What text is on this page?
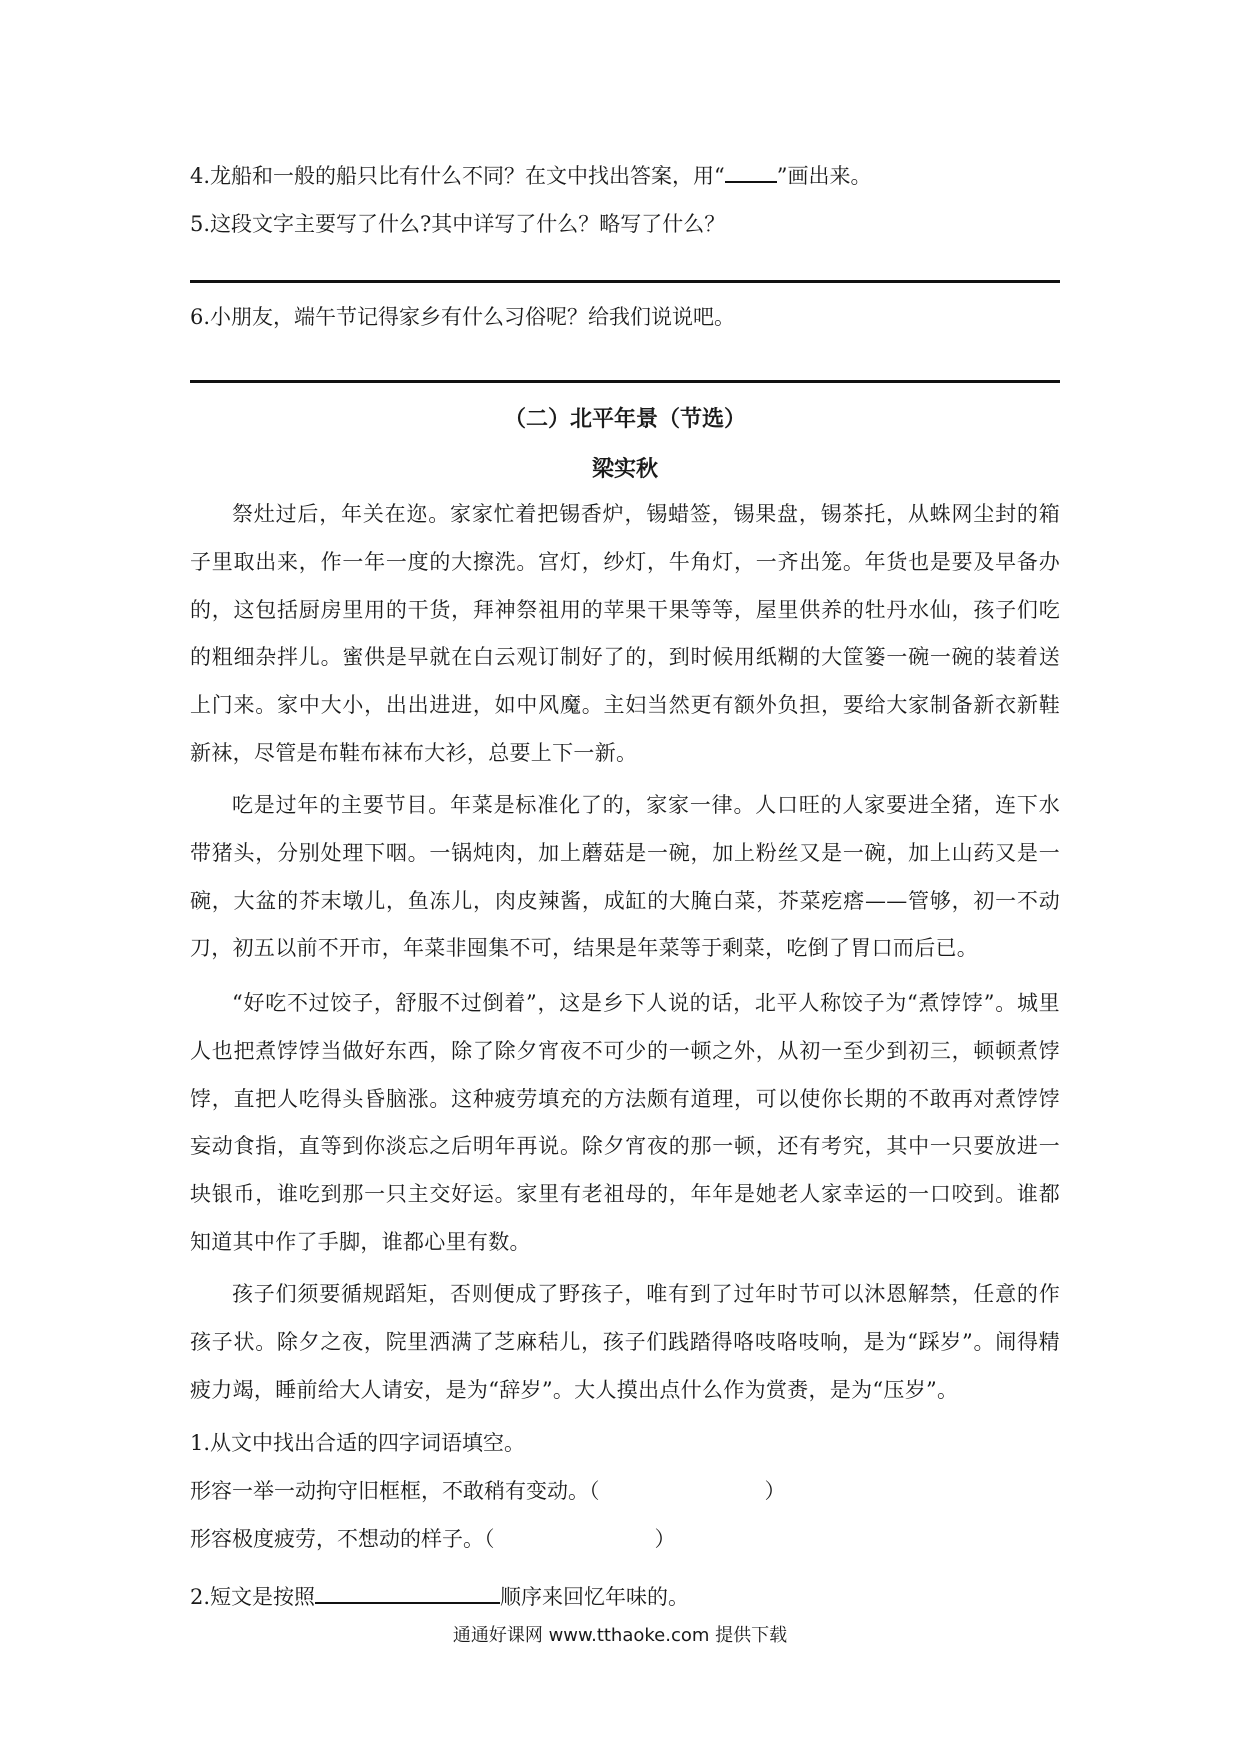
4.龙船和一般的船只比有什么不同？在文中找出答案，用“ ”画出来。
5.这段文字主要写了什么?其中详写了什么？略写了什么？
6.小朋友，端午节记得家乡有什么习俗呢？给我们说说吧。
（二）北平年景（节选）
梁实秋
祭灶过后，年关在迩。家家忙着把锡香炉，锡蜡签，锡果盘，锡茶托，从蛛网尘封的箱子里取出来，作一年一度的大擦洗。宫灯，纱灯，牛角灯，一齐出笼。年货也是要及早备办的，这包括厨房里用的干货，拜神祭祖用的苹果干果等等，屋里供养的牡丹水仙，孩子们吃的粗细杂拌儿。蜜供是早就在白云观订制好了的，到时候用纸糊的大筐篓一碗一碗的装着送上门来。家中大小，出出进进，如中风魔。主妇当然更有额外负担，要给大家制备新衣新鞋新袜，尽管是布鞋布袜布大衫，总要上下一新。
吃是过年的主要节目。年菜是标准化了的，家家一律。人口旺的人家要进全猪，连下水带猪头，分别处理下咽。一锅炖肉，加上蘑菇是一碗，加上粉丝又是一碗，加上山药又是一碗，大盆的芥末墩儿，鱼冻儿，肉皮辣酱，成缸的大腌白菜，芥菜疙瘩——管够，初一不动刀，初五以前不开市，年菜非囤集不可，结果是年菜等于剩菜，吃倒了胃口而后已。
“好吃不过饺子，舒服不过倒着”，这是乡下人说的话，北平人称饺子为“煮饽饽”。城里人也把煮饽饽当做好东西，除了除夕宵夜不可少的一顿之外，从初一至少到初三，顿顿煮饽饽，直把人吃得头昏脑涨。这种疲劳填充的方法颇有道理，可以使你长期的不敢再对煮饽饽妄动食指，直等到你淡忘之后明年再说。除夕宵夜的那一顿，还有考究，其中一只要放进一块银币，谁吃到那一只主交好运。家里有老祖母的，年年是她老人家幸运的一口咬到。谁都知道其中作了手脚，谁都心里有数。
孩子们须要循规蹈矩，否则便成了野孩子，唯有到了过年时节可以沐恩解禁，任意的作孩子状。除夕之夜，院里洒满了芝麻秸儿，孩子们践踏得咯吱咯吱响，是为“踩岁”。闹得精疲力竭，睡前给大人请安，是为“辞岁”。大人摸出点什么作为赏赉，是为“压岁”。
1.从文中找出合适的四字词语填空。
形容一举一动拘守旧框框，不敢稍有变动。（	）
形容极度疲劳，不想动的样子。（	）
2.短文是按照	顺序来回忆年味的。
通通好课网 www.tthaoke.com 提供下载
